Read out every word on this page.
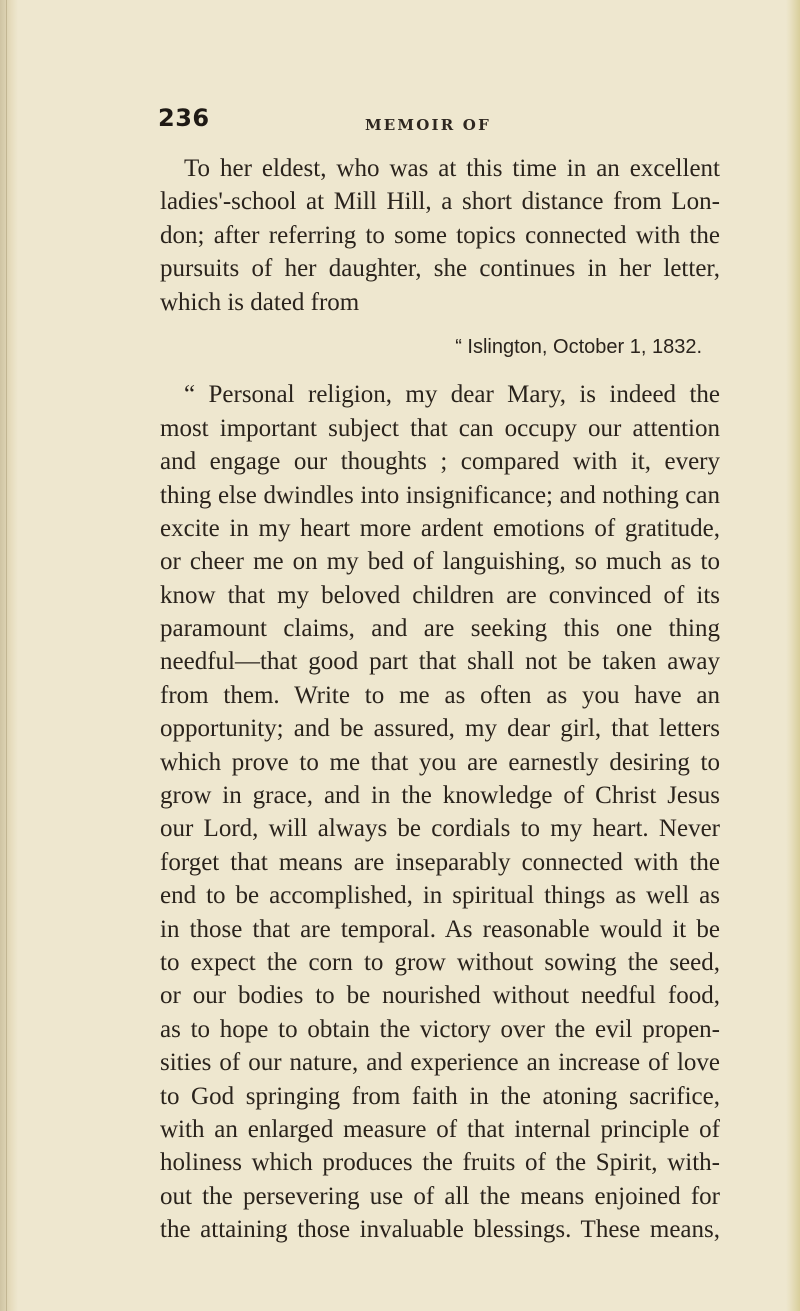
236	MEMOIR OF

To her eldest, who was at this time in an excellent
ladies'-school at Mill Hill, a short distance from Lon-
don; after referring to some topics connected with the
pursuits of her daughter, she continues in her letter,
which is dated from

“ Islington, October 1, 1832.

“ Personal religion, my dear Mary, is indeed the
most important subject that can occupy our attention
and engage our thoughts ; compared with it, every
thing else dwindles into insignificance; and nothing can
excite in my heart more ardent emotions of gratitude,
or cheer me on my bed of languishing, so much as to
know that my beloved children are convinced of its
paramount claims, and are seeking this one thing
needful—that good part that shall not be taken away
from them. Write to me as often as you have an
opportunity; and be assured, my dear girl, that letters
which prove to me that you are earnestly desiring to
grow in grace, and in the knowledge of Christ Jesus
our Lord, will always be cordials to my heart. Never
forget that means are inseparably connected with the
end to be accomplished, in spiritual things as well as
in those that are temporal. As reasonable would it be
to expect the corn to grow without sowing the seed,
or our bodies to be nourished without needful food,
as to hope to obtain the victory over the evil propen-
sities of our nature, and experience an increase of love
to God springing from faith in the atoning sacrifice,
with an enlarged measure of that internal principle of
holiness which produces the fruits of the Spirit, with-
out the persevering use of all the means enjoined for
the attaining those invaluable blessings. These means,
